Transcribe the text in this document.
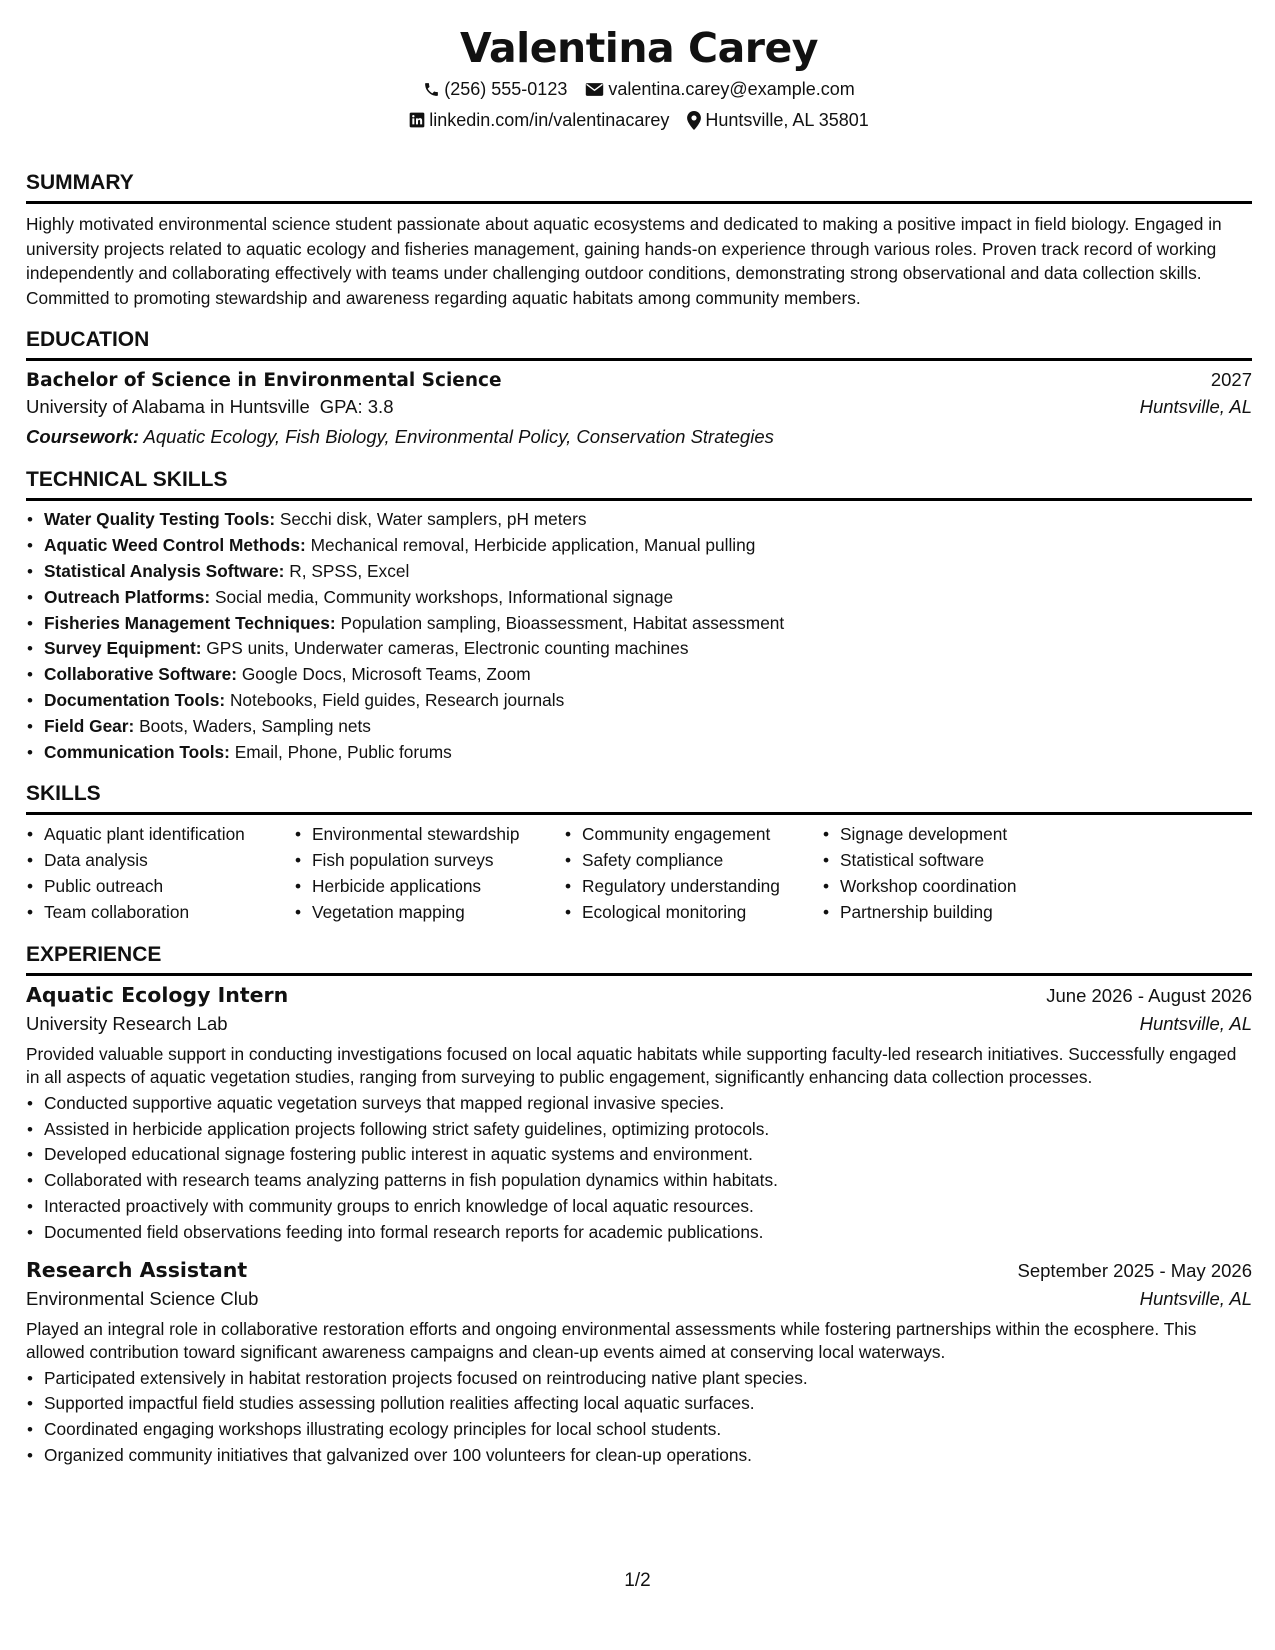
Valentina Carey
(256) 555-0123 valentina.carey@example.com
linkedin.com/in/valentinacarey Huntsville, AL 35801
SUMMARY
Highly motivated environmental science student passionate about aquatic ecosystems and dedicated to making a positive impact in field biology. Engaged in university projects related to aquatic ecology and fisheries management, gaining hands-on experience through various roles. Proven track record of working independently and collaborating effectively with teams under challenging outdoor conditions, demonstrating strong observational and data collection skills. Committed to promoting stewardship and awareness regarding aquatic habitats among community members.
EDUCATION
Bachelor of Science in Environmental Science	2027
University of Alabama in Huntsville GPA: 3.8	Huntsville, AL
Coursework: Aquatic Ecology, Fish Biology, Environmental Policy, Conservation Strategies
TECHNICAL SKILLS
• Water Quality Testing Tools: Secchi disk, Water samplers, pH meters
• Aquatic Weed Control Methods: Mechanical removal, Herbicide application, Manual pulling
• Statistical Analysis Software: R, SPSS, Excel
• Outreach Platforms: Social media, Community workshops, Informational signage
• Fisheries Management Techniques: Population sampling, Bioassessment, Habitat assessment
• Survey Equipment: GPS units, Underwater cameras, Electronic counting machines
• Collaborative Software: Google Docs, Microsoft Teams, Zoom
• Documentation Tools: Notebooks, Field guides, Research journals
• Field Gear: Boots, Waders, Sampling nets
• Communication Tools: Email, Phone, Public forums
SKILLS
• Aquatic plant identification
• Data analysis
• Public outreach
• Team collaboration
• Environmental stewardship
• Fish population surveys
• Herbicide applications
• Vegetation mapping
• Community engagement
• Safety compliance
• Regulatory understanding
• Ecological monitoring
• Signage development
• Statistical software
• Workshop coordination
• Partnership building
EXPERIENCE
Aquatic Ecology Intern	June 2026 - August 2026
University Research Lab	Huntsville, AL
Provided valuable support in conducting investigations focused on local aquatic habitats while supporting faculty-led research initiatives. Successfully engaged in all aspects of aquatic vegetation studies, ranging from surveying to public engagement, significantly enhancing data collection processes.
• Conducted supportive aquatic vegetation surveys that mapped regional invasive species.
• Assisted in herbicide application projects following strict safety guidelines, optimizing protocols.
• Developed educational signage fostering public interest in aquatic systems and environment.
• Collaborated with research teams analyzing patterns in fish population dynamics within habitats.
• Interacted proactively with community groups to enrich knowledge of local aquatic resources.
• Documented field observations feeding into formal research reports for academic publications.
Research Assistant	September 2025 - May 2026
Environmental Science Club	Huntsville, AL
Played an integral role in collaborative restoration efforts and ongoing environmental assessments while fostering partnerships within the ecosphere. This allowed contribution toward significant awareness campaigns and clean-up events aimed at conserving local waterways.
• Participated extensively in habitat restoration projects focused on reintroducing native plant species.
• Supported impactful field studies assessing pollution realities affecting local aquatic surfaces.
• Coordinated engaging workshops illustrating ecology principles for local school students.
• Organized community initiatives that galvanized over 100 volunteers for clean-up operations.
1/2
